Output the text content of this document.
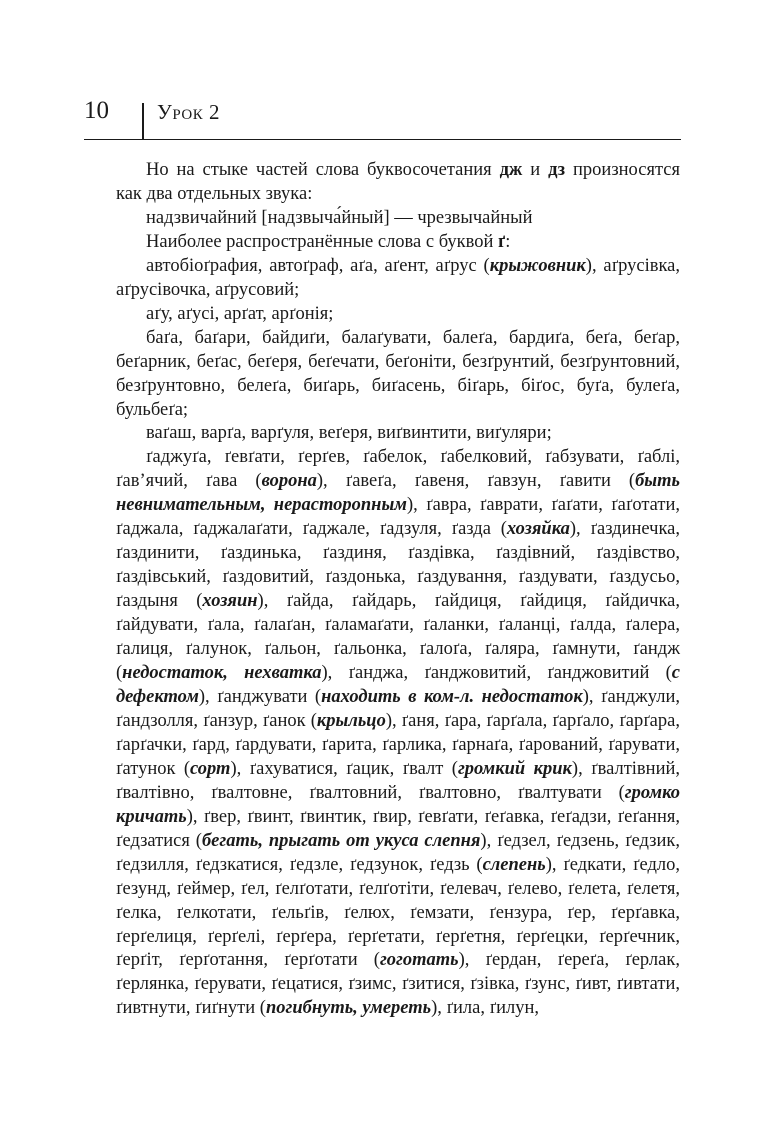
10 Урок 2

Но на стыке частей слова буквосочетания дж и дз произносятся как два отдельных звука:

надзвичайний [надзвыча́йный] — чрезвычайный

Наиболее распространённые слова с буквой ґ:

автобіоґрафия, автоґраф, аґа, аґент, аґрус (крыжовник), аґрусівка, аґрусівочка, аґрусовий;

аґу, аґусі, арґат, арґонія;

баґа, баґари, байдиґи, балаґувати, балеґа, бардиґа, беґа, беґар, беґарник, беґас, беґеря, беґечати, беґоніти, безґрунтий, безґрунтовний, безґрунтовно, белеґа, биґарь, биґасень, біґарь, біґос, буґа, булеґа, бульбеґа;

ваґаш, варґа, варґуля, веґеря, виґвинтити, виґуляри;

ґаджуґа, ґевґати, ґерґев, ґабелок, ґабелковий, ґабзувати, ґаблі, ґав’ячий, ґава (ворона), ґавеґа, ґавеня, ґавзун, ґавити (быть невнимательным, нерасторопным), ґавра, ґаврати, ґаґати, ґаґотати, ґаджала, ґаджалаґати, ґаджале, ґадзуля, ґазда (хозяйка), ґаздинечка, ґаздинити, ґаздинька, ґаздиня, ґаздівка, ґаздівний, ґаздівство, ґаздівський, ґаздовитий, ґаздонька, ґаздування, ґаздувати, ґаздусьо, ґаздыня (хозяин), ґайда, ґайдарь, ґайдиця, ґайдиця, ґайдичка, ґайдувати, ґала, ґалаґан, ґаламаґати, ґаланки, ґаланці, ґалда, ґалера, ґалиця, ґалунок, ґальон, ґальонка, ґалоґа, ґаляра, ґамнути, ґандж (недостаток, нехватка), ґанджа, ґанджовитий, ґанджовитий (с дефектом), ґанджувати (находить в ком-л. недостаток), ґанджули, ґандзолля, ґанзур, ґанок (крыльцо), ґаня, ґара, ґарґала, ґарґало, ґарґара, ґарґачки, ґард, ґардувати, ґарита, ґарлика, ґарнаґа, ґарований, ґарувати, ґатунок (сорт), ґахуватися, ґацик, ґвалт (громкий крик), ґвалтівний, ґвалтівно, ґвалтовне, ґвалтовний, ґвалтовно, ґвалтувати (громко кричать), ґвер, ґвинт, ґвинтик, ґвир, ґевґати, ґеґавка, ґеґадзи, ґеґання, ґедзатися (бегать, прыгать от укуса слепня), ґедзел, ґедзень, ґедзик, ґедзилля, ґедзкатися, ґедзле, ґедзунок, ґедзь (слепень), ґедкати, ґедло, ґезунд, ґеймер, ґел, ґелґотати, ґелґотіти, ґелевач, ґелево, ґелета, ґелетя, ґелка, ґелкотати, ґельґів, ґелюх, ґемзати, ґензура, ґер, ґерґавка, ґерґелиця, ґерґелі, ґерґера, ґерґетати, ґерґетня, ґерґецки, ґерґечник, ґерґіт, ґерґотання, ґерґотати (гоготать), ґердан, ґереґа, ґерлак, ґерлянка, ґерувати, ґецатися, ґзимс, ґзитися, ґзівка, ґзунс, ґивт, ґивтати, ґивтнути, ґиґнути (погибнуть, умереть), ґила, ґилун,
